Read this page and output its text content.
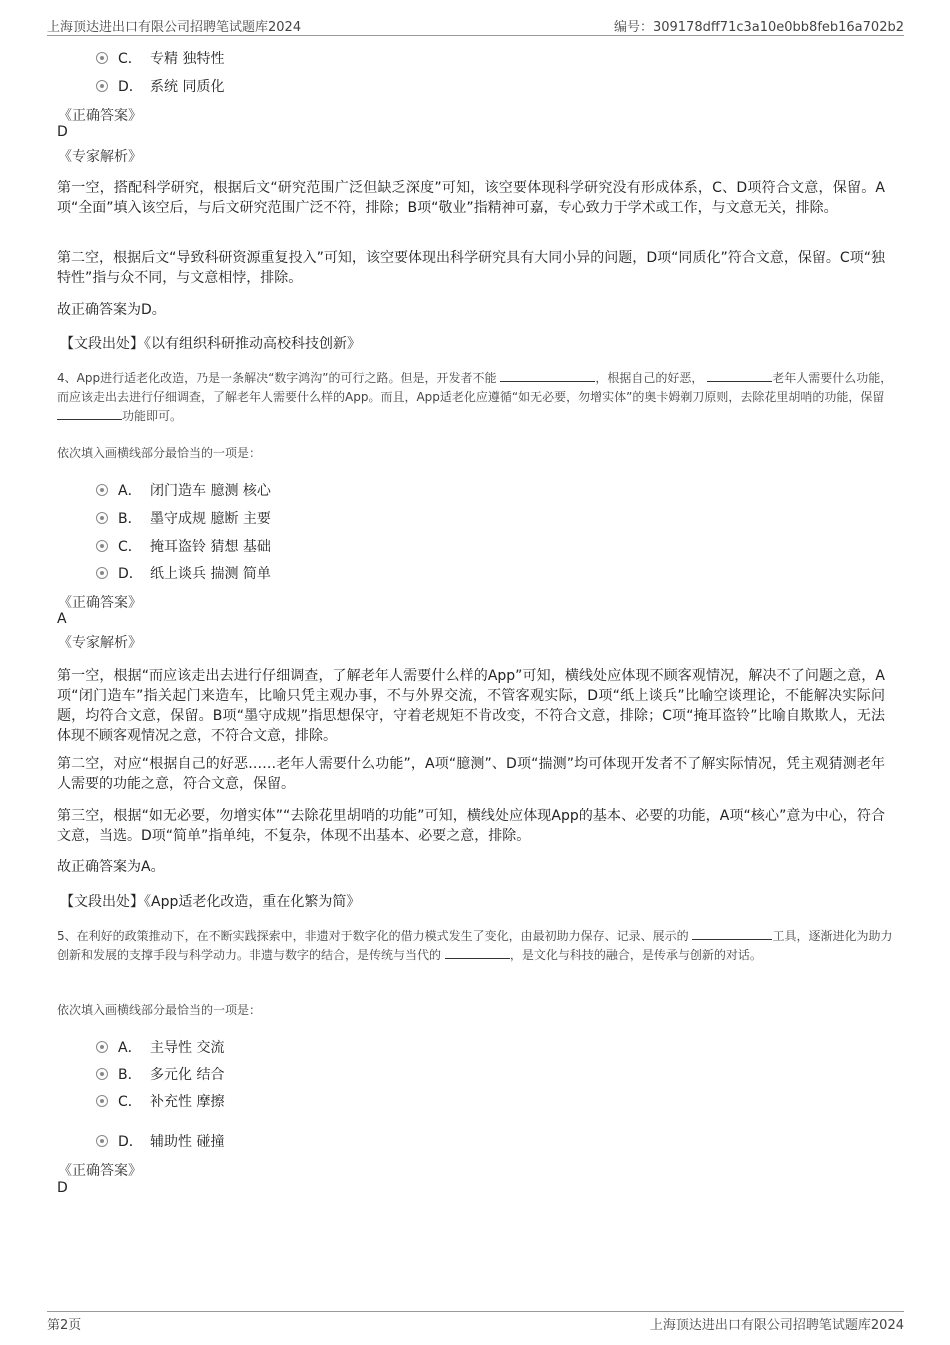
上海顶达进出口有限公司招聘笔试题库2024	编号：309178dff71c3a10e0bb8feb16a702b2
C． 专精 独特性
D． 系统 同质化
《正确答案》
D
《专家解析》

第一空，搭配科学研究，根据后文“研究范围广泛但缺乏深度”可知，该空要体现科学研究没有形成体系，C、D项符合文意，保留。A项“全面”填入该空后，与后文研究范围广泛不符，排除；B项“敬业”指精神可嘉，专心致力于学术或工作，与文意无关，排除。

第二空，根据后文“导致科研资源重复投入”可知，该空要体现出科学研究具有大同小异的问题，D项“同质化”符合文意，保留。C项“独特性”指与众不同，与文意相悖，排除。

故正确答案为D。

【文段出处】《以有组织科研推动高校科技创新》

4、App进行适老化改造，乃是一条解决“数字鸿沟”的可行之路。但是，开发者不能	，根据自己的好恶，	老年人需要什么功能，而应该走出去进行仔细调查，了解老年人需要什么样的App。而且，App适老化应遵循“如无必要，勿增实体”的奥卡姆剃刀原则，去除花里胡哨的功能，保留 功能即可。

依次填入画横线部分最恰当的一项是：
A． 闭门造车 臆测 核心
B． 墨守成规 臆断 主要
C． 掩耳盗铃 猜想 基础
D． 纸上谈兵 揣测 简单
《正确答案》
A
《专家解析》

第一空，根据“而应该走出去进行仔细调查，了解老年人需要什么样的App”可知，横线处应体现不顾客观情况，解决不了问题之意，A项“闭门造车”指关起门来造车，比喻只凭主观办事，不与外界交流，不管客观实际，D项“纸上谈兵”比喻空谈理论，不能解决实际问题，均符合文意，保留。B项“墨守成规”指思想保守，守着老规矩不肯改变，不符合文意，排除；C项“掩耳盗铃”比喻自欺欺人，无法体现不顾客观情况之意，不符合文意，排除。

第二空，对应“根据自己的好恶……老年人需要什么功能”，A项“臆测”、D项“揣测”均可体现开发者不了解实际情况，凭主观猜测老年人需要的功能之意，符合文意，保留。

第三空，根据“如无必要，勿增实体”“去除花里胡哨的功能”可知，横线处应体现App的基本、必要的功能，A项“核心”意为中心，符合文意，当选。D项“简单”指单纯，不复杂，体现不出基本、必要之意，排除。

故正确答案为A。

【文段出处】《App适老化改造，重在化繁为简》

5、在利好的政策推动下，在不断实践探索中，非遗对于数字化的借力模式发生了变化，由最初助力保存、记录、展示的	工具，逐渐进化为助力创新和发展的支撑手段与科学动力。非遗与数字的结合，是传统与当代的	，是文化与科技的融合，是传承与创新的对话。

依次填入画横线部分最恰当的一项是：
A． 主导性 交流
B． 多元化 结合
C． 补充性 摩擦
D． 辅助性 碰撞
《正确答案》
D
第2页	上海顶达进出口有限公司招聘笔试题库2024
